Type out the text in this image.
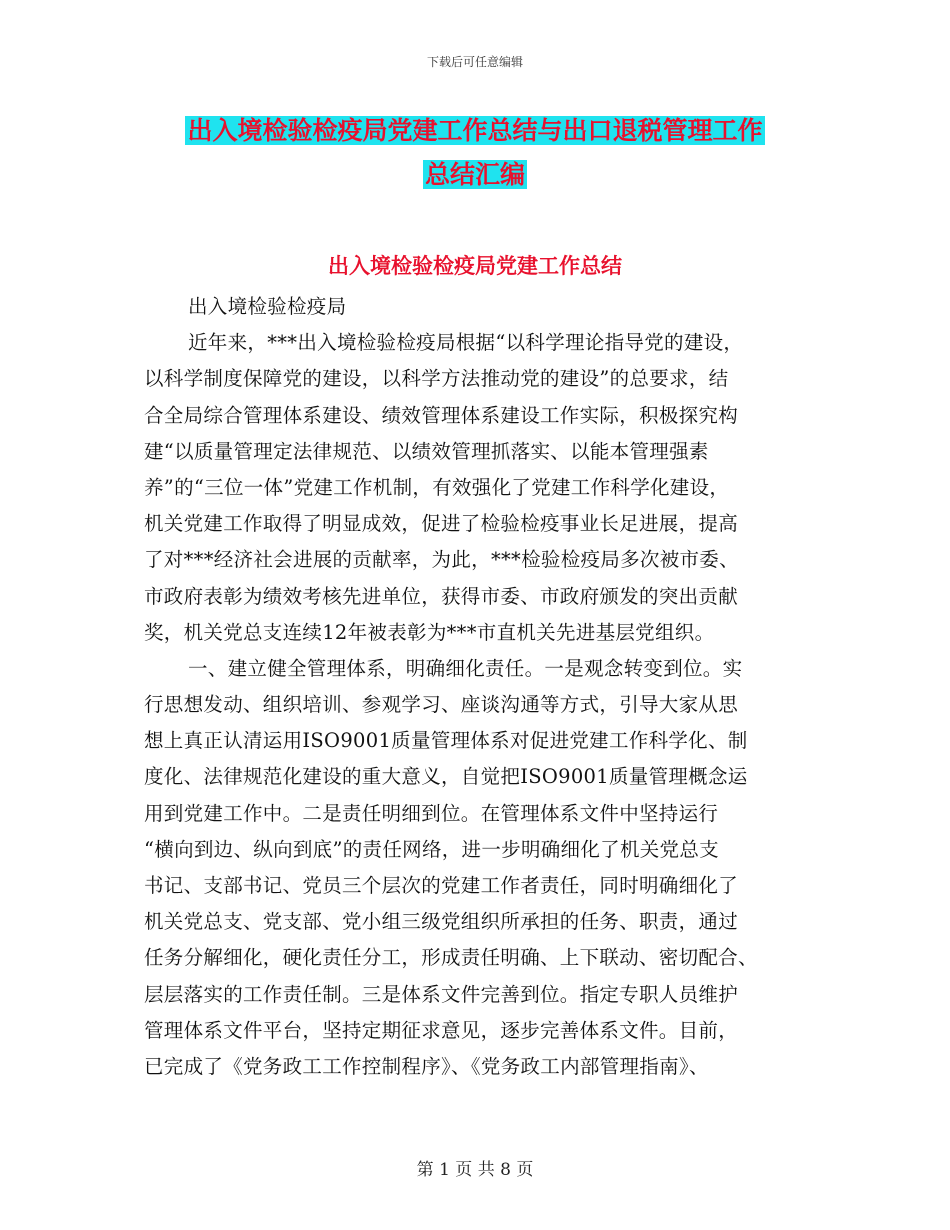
下载后可任意编辑
出入境检验检疫局党建工作总结与出口退税管理工作
总结汇编
出入境检验检疫局党建工作总结
出入境检验检疫局
近年来，***出入境检验检疫局根据“以科学理论指导党的建设，
以科学制度保障党的建设，以科学方法推动党的建设”的总要求，结
合全局综合管理体系建设、绩效管理体系建设工作实际，积极探究构
建“以质量管理定法律规范、以绩效管理抓落实、以能本管理强素
养”的“三位一体”党建工作机制，有效强化了党建工作科学化建设，
机关党建工作取得了明显成效，促进了检验检疫事业长足进展，提高
了对***经济社会进展的贡献率，为此，***检验检疫局多次被市委、
市政府表彰为绩效考核先进单位，获得市委、市政府颁发的突出贡献
奖，机关党总支连续12年被表彰为***市直机关先进基层党组织。
一、建立健全管理体系，明确细化责任。一是观念转变到位。实
行思想发动、组织培训、参观学习、座谈沟通等方式，引导大家从思
想上真正认清运用ISO9001质量管理体系对促进党建工作科学化、制
度化、法律规范化建设的重大意义，自觉把ISO9001质量管理概念运
用到党建工作中。二是责任明细到位。在管理体系文件中坚持运行
“横向到边、纵向到底”的责任网络，进一步明确细化了机关党总支
书记、支部书记、党员三个层次的党建工作者责任，同时明确细化了
机关党总支、党支部、党小组三级党组织所承担的任务、职责，通过
任务分解细化，硬化责任分工，形成责任明确、上下联动、密切配合、
层层落实的工作责任制。三是体系文件完善到位。指定专职人员维护
管理体系文件平台，坚持定期征求意见，逐步完善体系文件。目前，
已完成了《党务政工工作控制程序》、《党务政工内部管理指南》、
第 1 页 共 8 页
